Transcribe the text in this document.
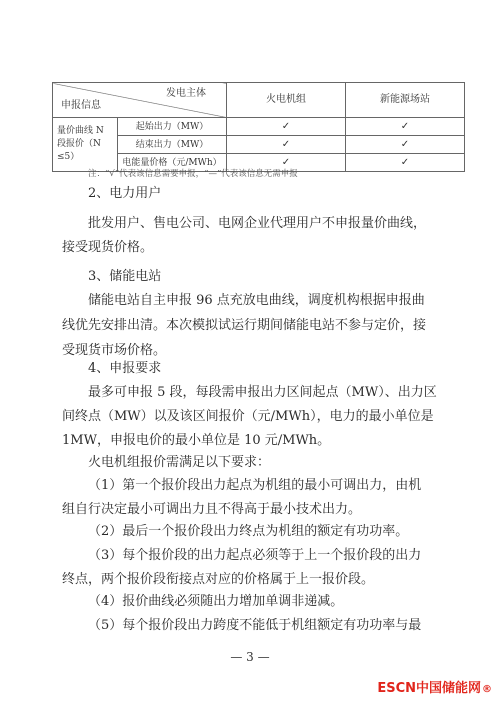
发电主体
申报信息		火电机组	新能源场站
量价曲线 N 段报价（N ≤5）	起始出力（MW）	✓	✓
	结束出力（MW）	✓	✓
	电能量价格（元/MWh）	✓	✓
注：“√”代表该信息需要申报，“—”代表该信息无需申报
2、电力用户
批发用户、售电公司、电网企业代理用户不申报量价曲线，
接受现货价格。
3、储能电站
储能电站自主申报 96 点充放电曲线，调度机构根据申报曲
线优先安排出清。本次模拟试运行期间储能电站不参与定价，接
受现货市场价格。
4、申报要求
最多可申报 5 段，每段需申报出力区间起点（MW）、出力区
间终点（MW）以及该区间报价（元/MWh），电力的最小单位是
1MW，申报电价的最小单位是 10 元/MWh。
火电机组报价需满足以下要求：
（1）第一个报价段出力起点为机组的最小可调出力，由机
组自行决定最小可调出力且不得高于最小技术出力。
（2）最后一个报价段出力终点为机组的额定有功功率。
（3）每个报价段的出力起点必须等于上一个报价段的出力
终点，两个报价段衔接点对应的价格属于上一报价段。
（4）报价曲线必须随出力增加单调非递减。
（5）每个报价段出力跨度不能低于机组额定有功功率与最
— 3 —
ESCN中国储能网®
